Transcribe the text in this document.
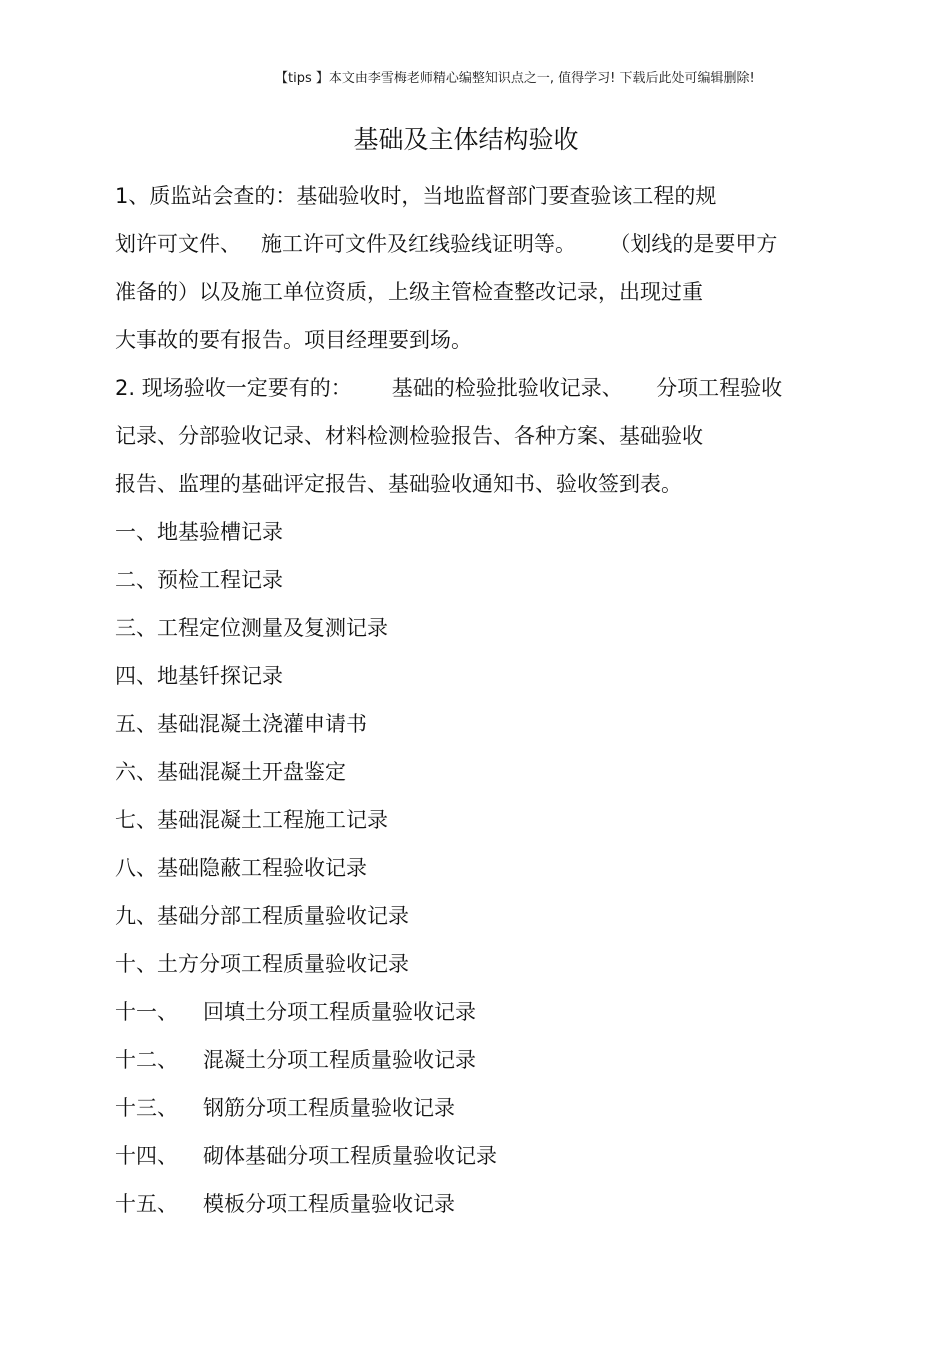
【tips 】本文由李雪梅老师精心编整知识点之一, 值得学习! 下载后此处可编辑删除!
基础及主体结构验收
1、质监站会查的：基础验收时，当地监督部门要查验该工程的规
划许可文件、   施工许可文件及红线验线证明等。     （划线的是要甲方
准备的）以及施工单位资质，上级主管检查整改记录，出现过重
大事故的要有报告。项目经理要到场。
2. 现场验收一定要有的：      基础的检验批验收记录、     分项工程验收
记录、分部验收记录、材料检测检验报告、各种方案、基础验收
报告、监理的基础评定报告、基础验收通知书、验收签到表。
一、地基验槽记录
二、预检工程记录
三、工程定位测量及复测记录
四、地基钎探记录
五、基础混凝土浇灌申请书
六、基础混凝土开盘鉴定
七、基础混凝土工程施工记录
八、基础隐蔽工程验收记录
九、基础分部工程质量验收记录
十、土方分项工程质量验收记录
十一、 回填土分项工程质量验收记录
十二、 混凝土分项工程质量验收记录
十三、 钢筋分项工程质量验收记录
十四、 砌体基础分项工程质量验收记录
十五、 模板分项工程质量验收记录
